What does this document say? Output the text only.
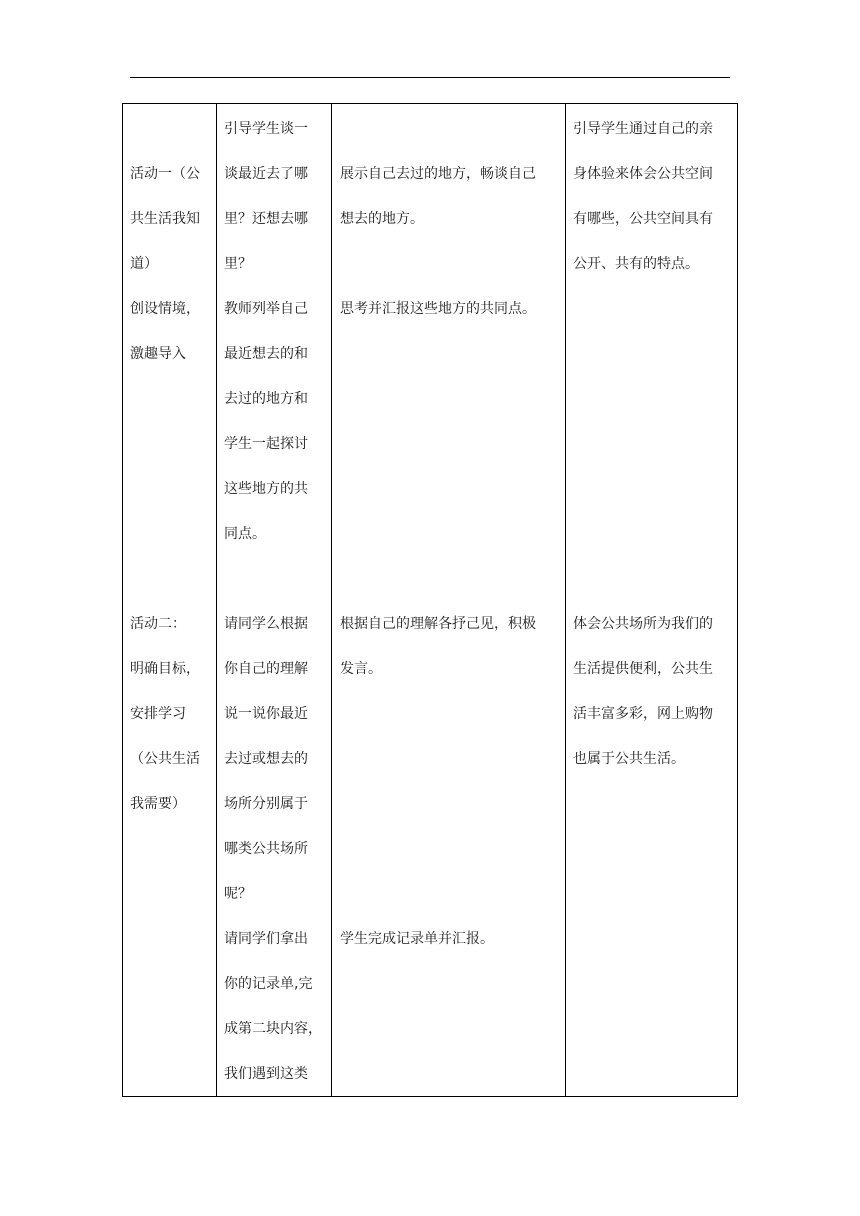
活动一（公
共生活我知
道）
创设情境，
激趣导入
引导学生谈一
谈最近去了哪
里？还想去哪
里？
教师列举自己
最近想去的和
去过的地方和
学生一起探讨
这些地方的共
同点。
展示自己去过的地方，畅谈自己
想去的地方。
思考并汇报这些地方的共同点。
引导学生通过自己的亲
身体验来体会公共空间
有哪些，公共空间具有
公开、共有的特点。
活动二：
明确目标，
安排学习
（公共生活
我需要）
请同学么根据
你自己的理解
说一说你最近
去过或想去的
场所分别属于
哪类公共场所
呢？
请同学们拿出
你的记录单,完
成第二块内容，
我们遇到这类
根据自己的理解各抒己见，积极
发言。
学生完成记录单并汇报。
体会公共场所为我们的
生活提供便利，公共生
活丰富多彩，网上购物
也属于公共生活。
